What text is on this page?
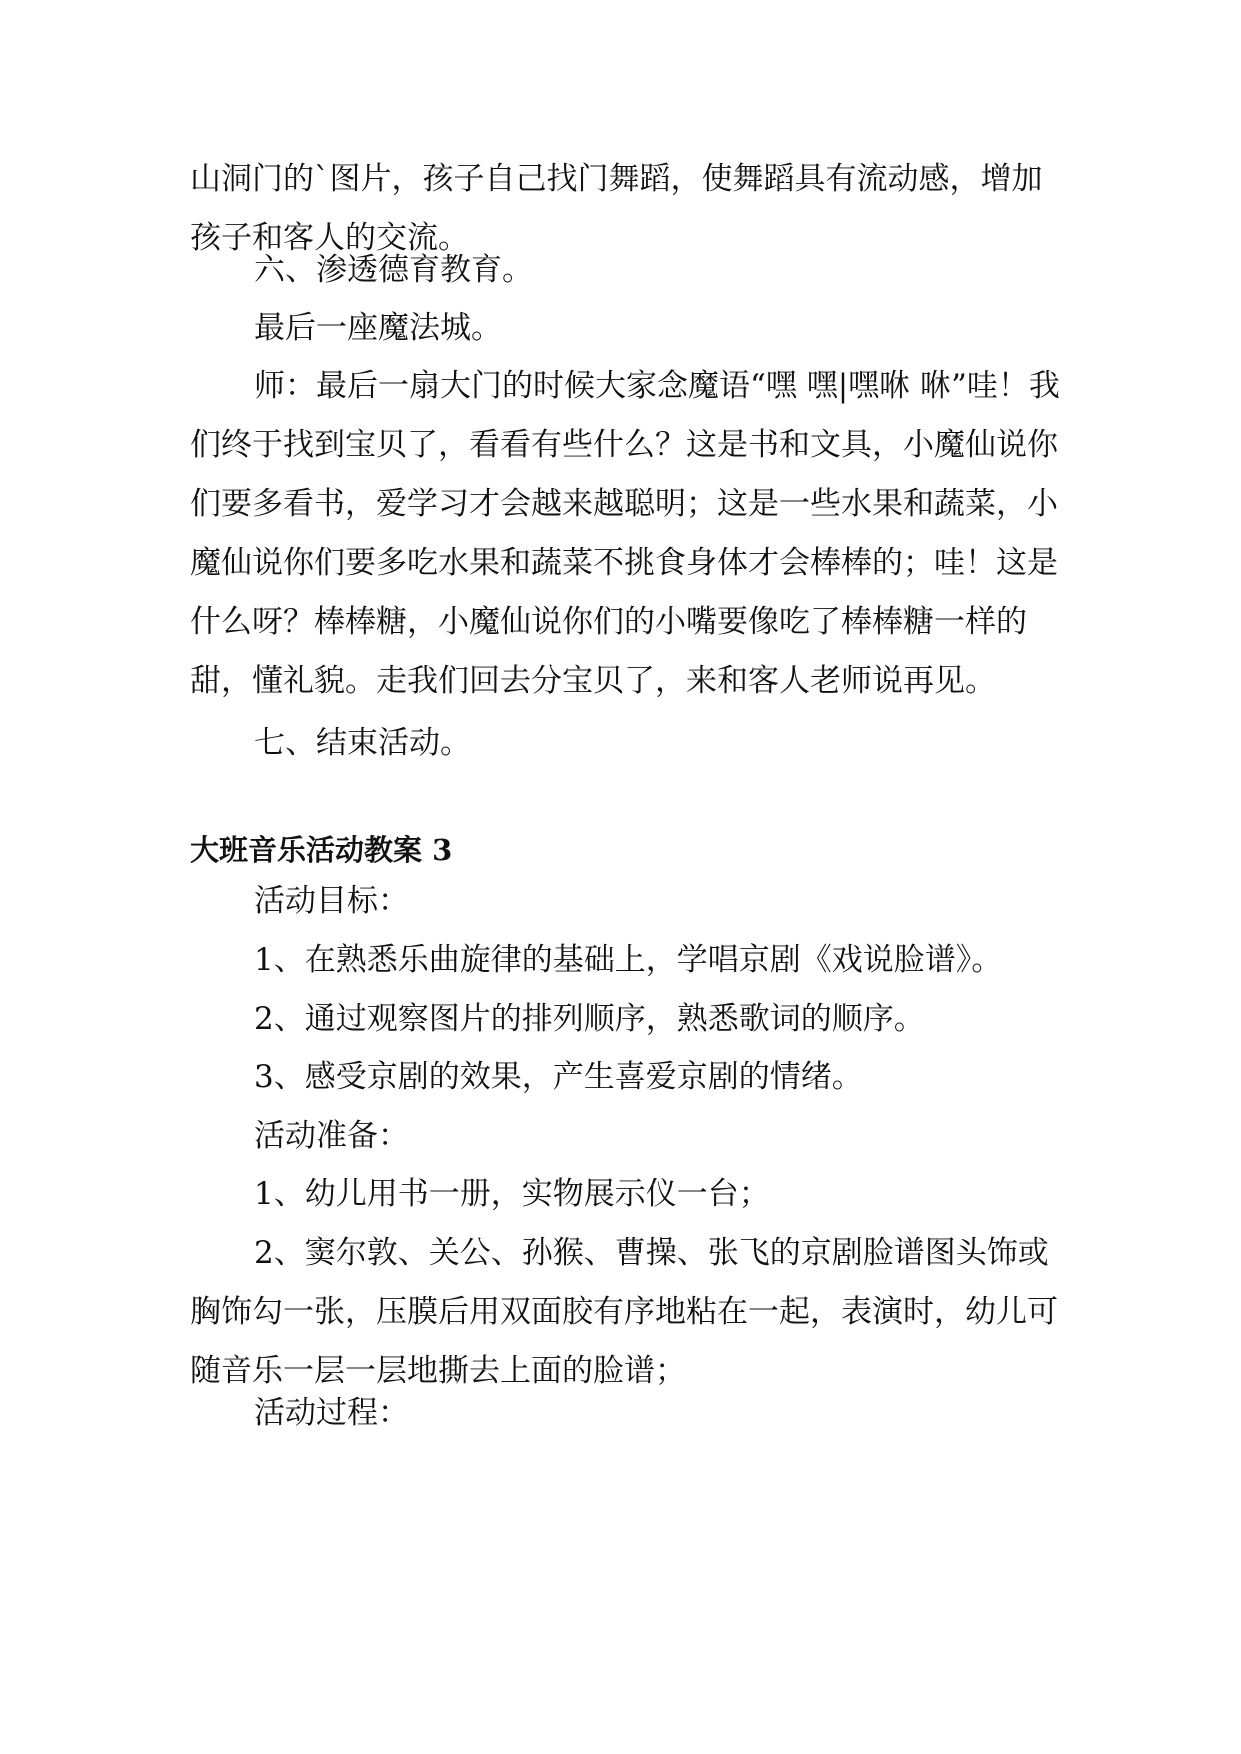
山洞门的`图片，孩子自己找门舞蹈，使舞蹈具有流动感，增加孩子和客人的交流。

六、渗透德育教育。

最后一座魔法城。

师：最后一扇大门的时候大家念魔语“嘿 嘿|嘿咻 咻”哇！我们终于找到宝贝了，看看有些什么？这是书和文具，小魔仙说你们要多看书，爱学习才会越来越聪明；这是一些水果和蔬菜，小魔仙说你们要多吃水果和蔬菜不挑食身体才会棒棒的；哇！这是什么呀？棒棒糖，小魔仙说你们的小嘴要像吃了棒棒糖一样的甜，懂礼貌。走我们回去分宝贝了，来和客人老师说再见。

七、结束活动。

大班音乐活动教案 3

活动目标：

1、在熟悉乐曲旋律的基础上，学唱京剧《戏说脸谱》。

2、通过观察图片的排列顺序，熟悉歌词的顺序。

3、感受京剧的效果，产生喜爱京剧的情绪。

活动准备：

1、幼儿用书一册，实物展示仪一台；

2、窦尔敦、关公、孙猴、曹操、张飞的京剧脸谱图头饰或胸饰勾一张，压膜后用双面胶有序地粘在一起，表演时，幼儿可随音乐一层一层地撕去上面的脸谱；

活动过程：
